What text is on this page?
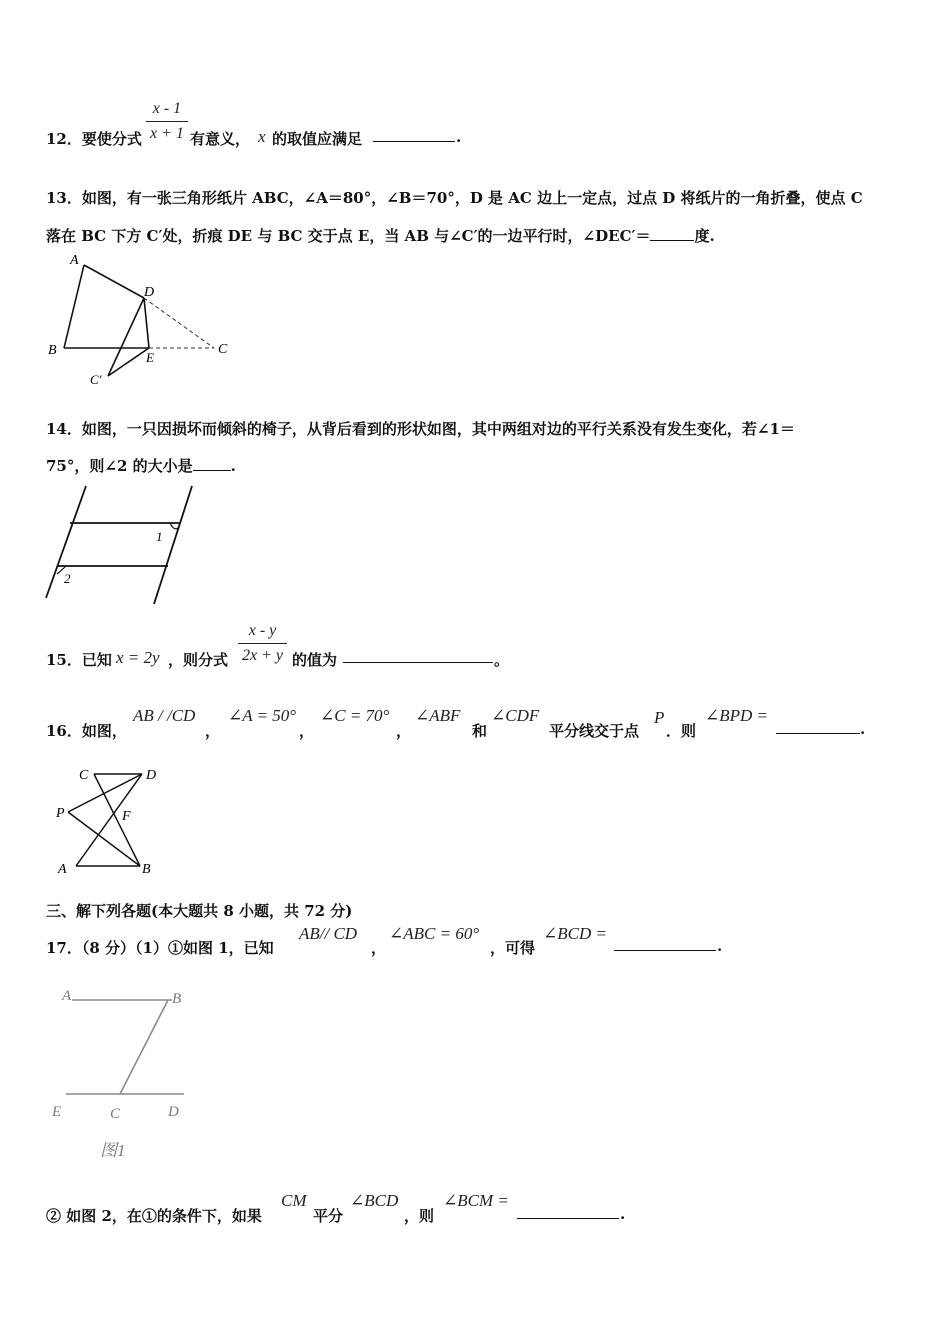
12．要使分式
x - 1
x + 1 有意义， x 的取值应满足	.
13．如图，有一张三角形纸片 ABC，∠A＝80°，∠B＝70°，D 是 AC 边上一定点，过点 D 将纸片的一角折叠，使点 C
落在 BC 下方 C′处，折痕 DE 与 BC 交于点 E，当 AB 与∠C′的一边平行时，∠DEC′＝	度.
A
B	C
D
E
C′
14．如图，一只因损坏而倾斜的椅子，从背后看到的形状如图，其中两组对边的平行关系没有发生变化，若∠1＝
75°，则∠2 的大小是	.
1
2
15．已知 x = 2y ，则分式
x - y
2x + y 的值为	。
16．如图，
AB / /CD
，
∠A = 50°
，
∠C = 70°
，
∠ABF
和
∠CDF
平分线交于点
P
．则
∠BPD =
.
C	D
P	F
A	B
三、解下列各题(本大题共 8 小题，共 72 分)
17．（8 分）（1）①如图 1，已知
AB// CD
，
∠ABC = 60°
，可得
∠BCD =
.
A	B
E	C	D
图1
② 如图 2，在①的条件下，如果
CM
平分
∠BCD
，则
∠BCM =
.
